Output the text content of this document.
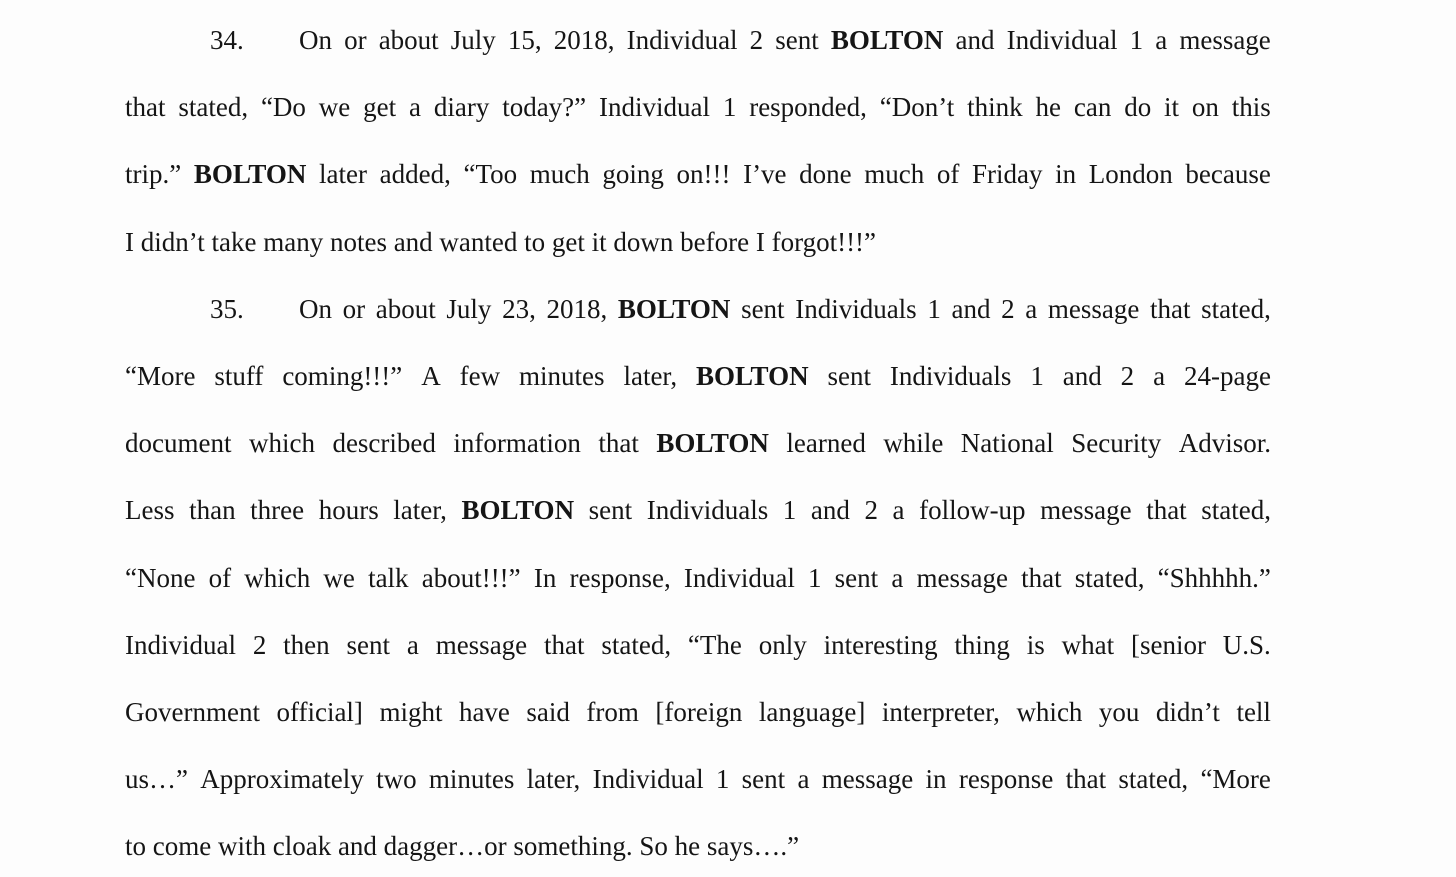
34. On or about July 15, 2018, Individual 2 sent BOLTON and Individual 1 a message
that stated, “Do we get a diary today?” Individual 1 responded, “Don’t think he can do it on this
trip.” BOLTON later added, “Too much going on!!! I’ve done much of Friday in London because
I didn’t take many notes and wanted to get it down before I forgot!!!”
35. On or about July 23, 2018, BOLTON sent Individuals 1 and 2 a message that stated,
“More stuff coming!!!” A few minutes later, BOLTON sent Individuals 1 and 2 a 24-page
document which described information that BOLTON learned while National Security Advisor.
Less than three hours later, BOLTON sent Individuals 1 and 2 a follow-up message that stated,
“None of which we talk about!!!” In response, Individual 1 sent a message that stated, “Shhhhh.”
Individual 2 then sent a message that stated, “The only interesting thing is what [senior U.S.
Government official] might have said from [foreign language] interpreter, which you didn’t tell
us…” Approximately two minutes later, Individual 1 sent a message in response that stated, “More
to come with cloak and dagger…or something. So he says….”
